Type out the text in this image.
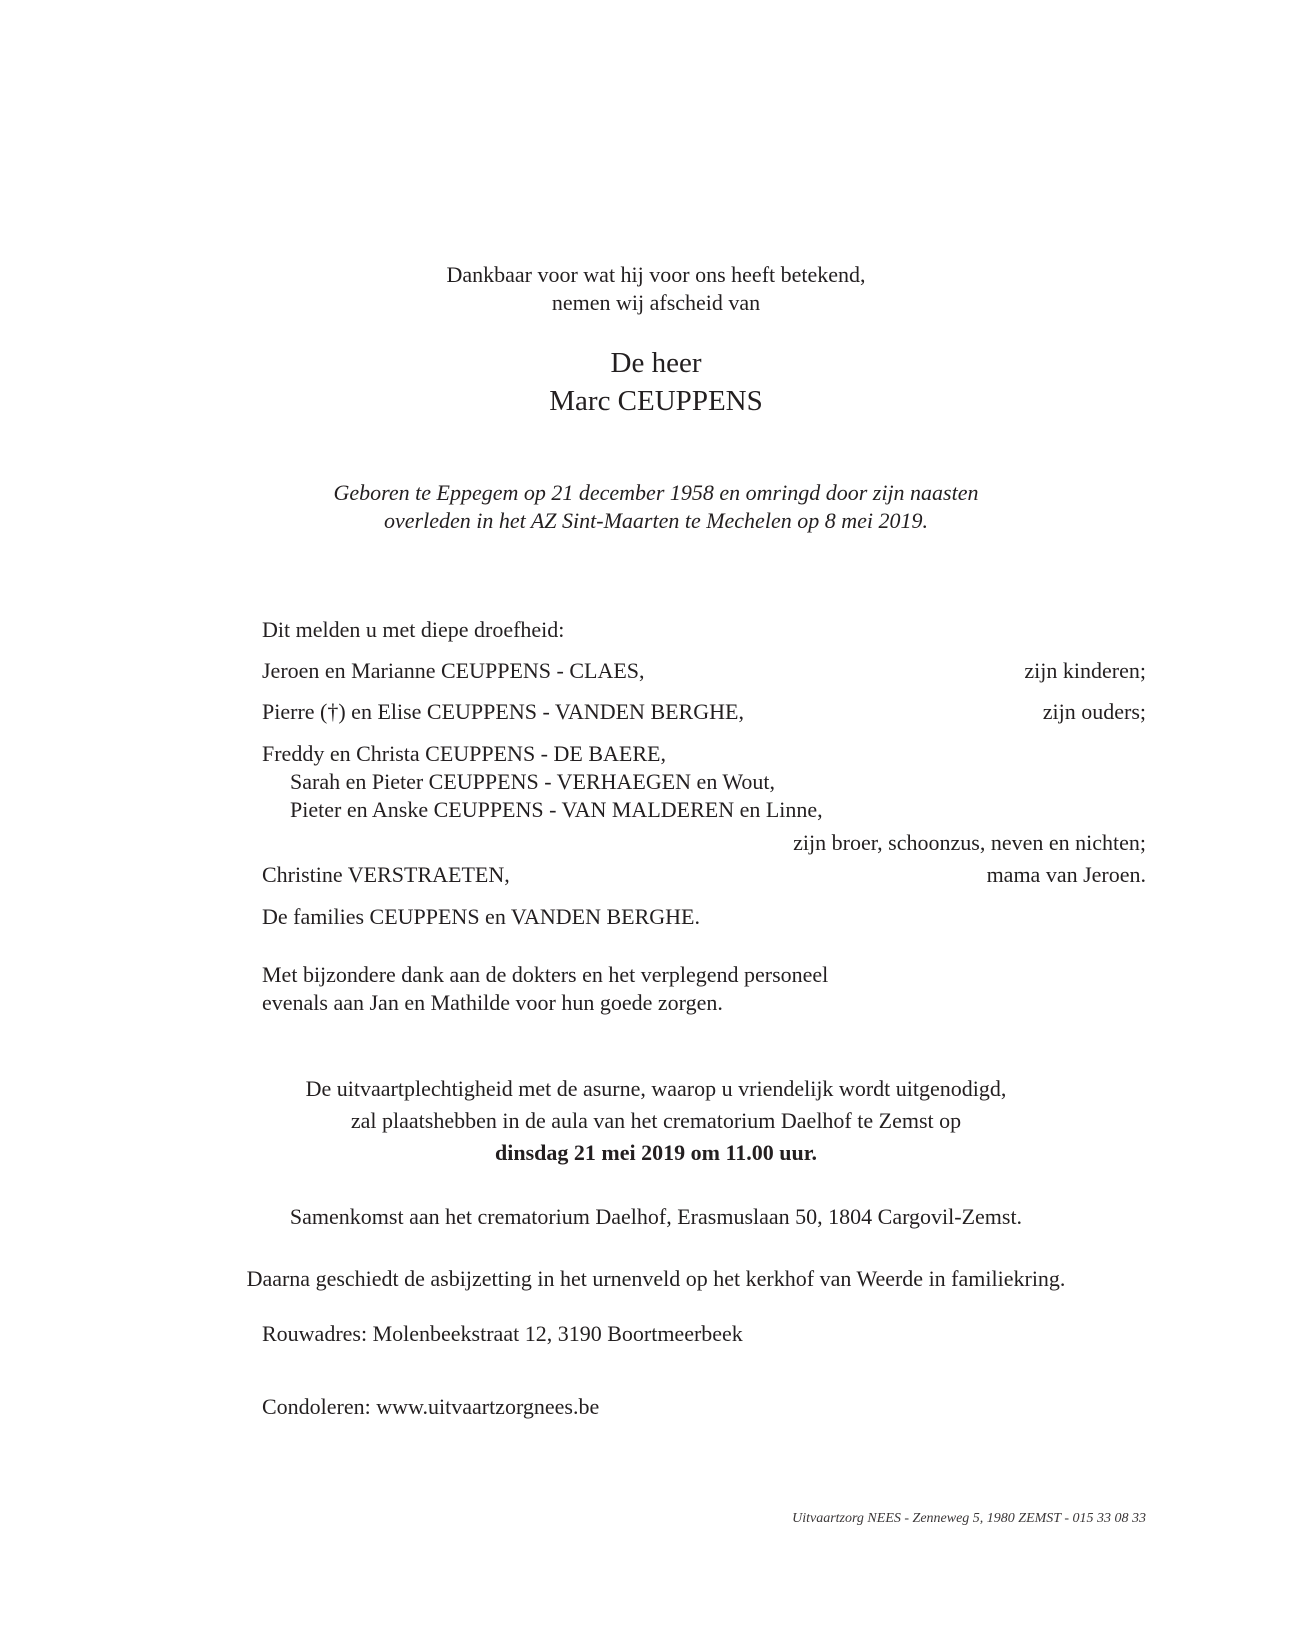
Dankbaar voor wat hij voor ons heeft betekend,
nemen wij afscheid van
De heer
Marc CEUPPENS
Geboren te Eppegem op 21 december 1958 en omringd door zijn naasten
overleden in het AZ Sint-Maarten te Mechelen op 8 mei 2019.
Dit melden u met diepe droefheid:
Jeroen en Marianne CEUPPENS - CLAES,	zijn kinderen;
Pierre (†) en Elise CEUPPENS - VANDEN BERGHE,	zijn ouders;
Freddy en Christa CEUPPENS - DE BAERE,
Sarah en Pieter CEUPPENS - VERHAEGEN en Wout,
Pieter en Anske CEUPPENS - VAN MALDEREN en Linne,
zijn broer, schoonzus, neven en nichten;
Christine VERSTRAETEN,	mama van Jeroen.
De families CEUPPENS en VANDEN BERGHE.
Met bijzondere dank aan de dokters en het verplegend personeel
evenals aan Jan en Mathilde voor hun goede zorgen.
De uitvaartplechtigheid met de asurne, waarop u vriendelijk wordt uitgenodigd,
zal plaatshebben in de aula van het crematorium Daelhof te Zemst op
dinsdag 21 mei 2019 om 11.00 uur.
Samenkomst aan het crematorium Daelhof, Erasmuslaan 50, 1804 Cargovil-Zemst.
Daarna geschiedt de asbijzetting in het urnenveld op het kerkhof van Weerde in familiekring.
Rouwadres: Molenbeekstraat 12, 3190 Boortmeerbeek
Condoleren: www.uitvaartzorgnees.be
Uitvaartzorg NEES - Zenneweg 5, 1980 ZEMST - 015 33 08 33
